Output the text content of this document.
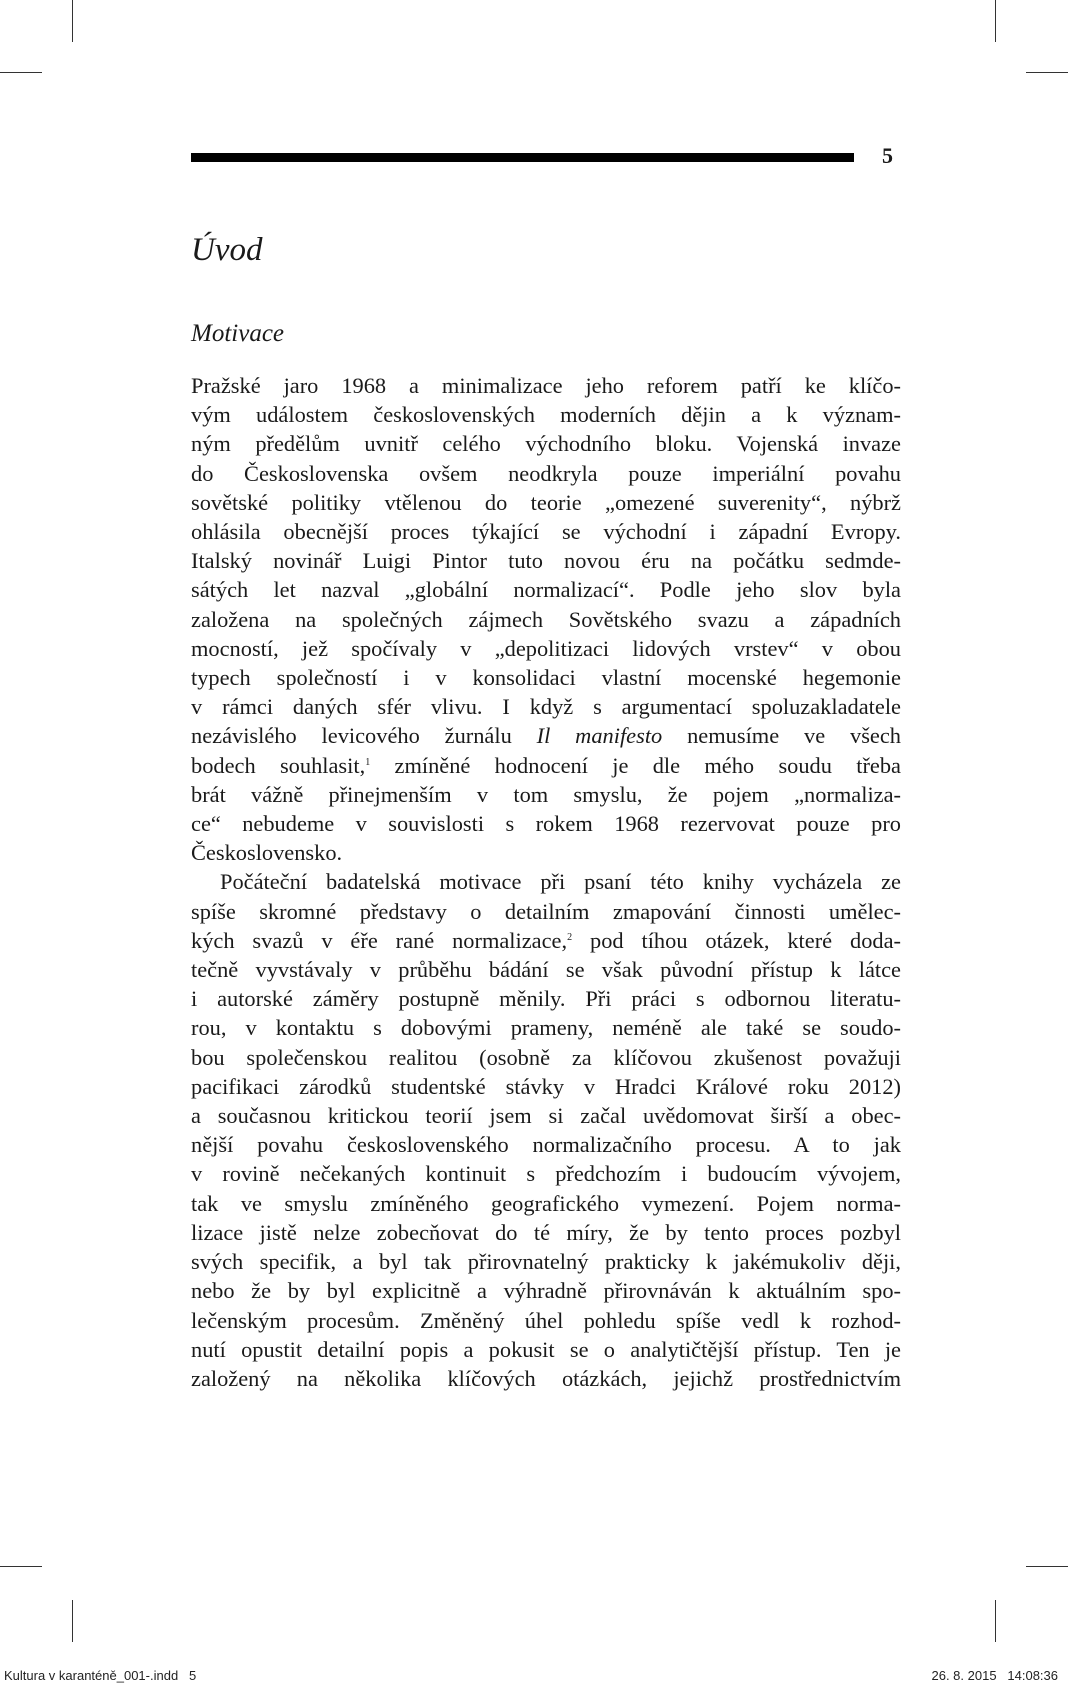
5
Úvod
Motivace

Pražské jaro 1968 a minimalizace jeho reforem patří ke klíčo-
vým událostem československých moderních dějin a k význam-
ným předělům uvnitř celého východního bloku. Vojenská invaze
do Československa ovšem neodkryla pouze imperiální povahu
sovětské politiky vtělenou do teorie „omezené suverenity“, nýbrž
ohlásila obecnější proces týkající se východní i západní Evropy.
Italský novinář Luigi Pintor tuto novou éru na počátku sedmde-
sátých let nazval „globální normalizací“. Podle jeho slov byla
založena na společných zájmech Sovětského svazu a západních
mocností, jež spočívaly v „depolitizaci lidových vrstev“ v obou
typech společností i v konsolidaci vlastní mocenské hegemonie
v rámci daných sfér vlivu. I když s argumentací spoluzakladatele
nezávislého levicového žurnálu Il manifesto nemusíme ve všech
bodech souhlasit,$^1$ zmíněné hodnocení je dle mého soudu třeba
brát vážně přinejmenším v tom smyslu, že pojem „normaliza-
ce“ nebudeme v souvislosti s rokem 1968 rezervovat pouze pro
Československo.

Počáteční badatelská motivace při psaní této knihy vycházela ze
spíše skromné představy o detailním zmapování činnosti umělec-
kých svazů v éře rané normalizace,$^2$ pod tíhou otázek, které doda-
tečně vyvstávaly v průběhu bádání se však původní přístup k látce
i autorské záměry postupně měnily. Při práci s odbornou literatu-
rou, v kontaktu s dobovými prameny, neméně ale také se soudo-
bou společenskou realitou (osobně za klíčovou zkušenost považuji
pacifikaci zárodků studentské stávky v Hradci Králové roku 2012)
a současnou kritickou teorií jsem si začal uvědomovat širší a obec-
nější povahu československého normalizačního procesu. A to jak
v rovině nečekaných kontinuit s předchozím i budoucím vývojem,
tak ve smyslu zmíněného geografického vymezení. Pojem norma-
lizace jistě nelze zobecňovat do té míry, že by tento proces pozbyl
svých specifik, a byl tak přirovnatelný prakticky k jakémukoliv ději,
nebo že by byl explicitně a výhradně přirovnáván k aktuálním spo-
lečenským procesům. Změněný úhel pohledu spíše vedl k rozhod-
nutí opustit detailní popis a pokusit se o analytičtější přístup. Ten je
založený na několika klíčových otázkách, jejichž prostřednictvím

Kultura v karanténě_001-.indd   5	26. 8. 2015   14:08:36
